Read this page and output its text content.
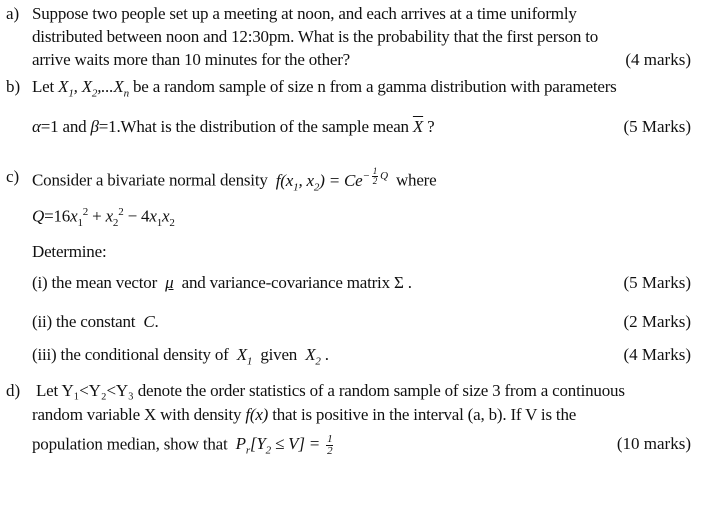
a) Suppose two people set up a meeting at noon, and each arrives at a time uniformly
distributed between noon and 12:30pm. What is the probability that the first person to
arrive waits more than 10 minutes for the other?	(4 marks)
b) Let $X_1$, $X_2,...X_n$ be a random sample of size n from a gamma distribution with parameters
α=1 and β=1.What is the distribution of the sample mean $\overline{X}$ ?	(5 Marks)
c) Consider a bivariate normal density $f(x_1$, $x_2) = Ce^{- \frac{1}{2} Q}$ where
$Q=16x_1^2 + x_2^2 - 4x_1x_2$
Determine:
(i) the mean vector μ and variance-covariance matrix Σ .	(5 Marks)
(ii) the constant C.	(2 Marks)
(iii) the conditional density of $X_1$ given $X_2$ .	(4 Marks)
d) Let Y₁<Y₂<Y₃ denote the order statistics of a random sample of size 3 from a continuous
random variable X with density f(x) that is positive in the interval (a, b). If V is the
population median, show that $P_r[Y_2 \le V] = \frac{1}{2}$	(10 marks)
